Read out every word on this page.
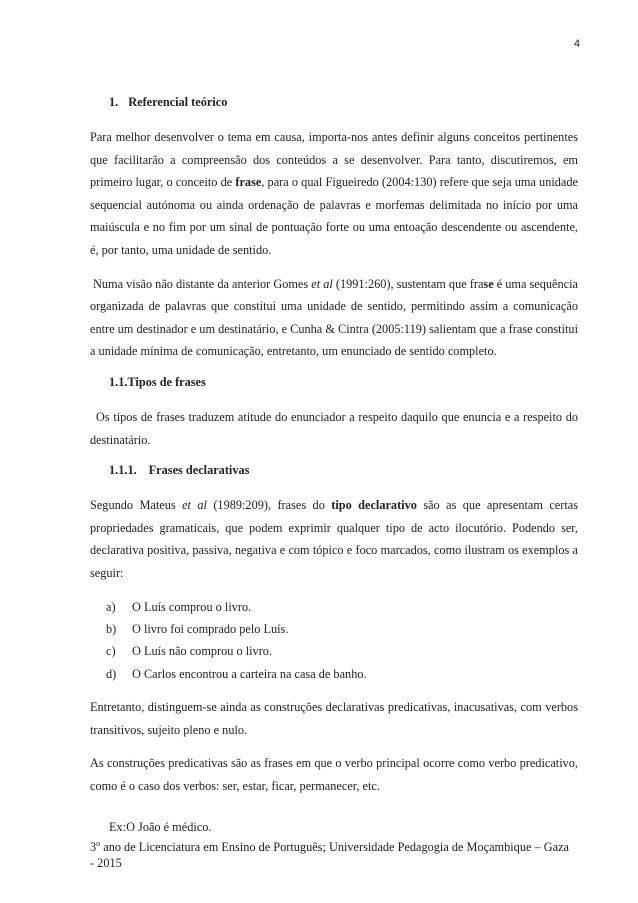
4
1. Referencial teórico

Para melhor desenvolver o tema em causa, importa-nos antes definir alguns conceitos pertinentes que facilitarão a compreensão dos conteúdos a se desenvolver. Para tanto, discutiremos, em primeiro lugar, o conceito de frase, para o qual Figueiredo (2004:130) refere que seja uma unidade sequencial autónoma ou ainda ordenação de palavras e morfemas delimitada no início por uma maiúscula e no fim por um sinal de pontuação forte ou uma entoação descendente ou ascendente, é, por tanto, uma unidade de sentido.

Numa visão não distante da anterior Gomes et al (1991:260), sustentam que frase é uma sequência organizada de palavras que constitui uma unidade de sentido, permitindo assim a comunicação entre um destinador e um destinatário, e Cunha & Cintra (2005:119) salientam que a frase constitui a unidade mínima de comunicação, entretanto, um enunciado de sentido completo.

1.1.Tipos de frases

Os tipos de frases traduzem atitude do enunciador a respeito daquilo que enuncia e a respeito do destinatário.

1.1.1. Frases declarativas

Segundo Mateus et al (1989:209), frases do tipo declarativo são as que apresentam certas propriedades gramaticais, que podem exprimir qualquer tipo de acto ilocutório. Podendo ser, declarativa positiva, passiva, negativa e com tópico e foco marcados, como ilustram os exemplos a seguir:

a) O Luís comprou o livro.
b) O livro foi comprado pelo Luís.
c) O Luís não comprou o livro.
d) O Carlos encontrou a carteira na casa de banho.

Entretanto, distinguem-se ainda as construções declarativas predicativas, inacusativas, com verbos transitivos, sujeito pleno e nulo.

As construções predicativas são as frases em que o verbo principal ocorre como verbo predicativo, como é o caso dos verbos: ser, estar, ficar, permanecer, etc.

Ex:O João é médico.
3$^o$ ano de Licenciatura em Ensino de Português; Universidade Pedagogia de Moçambique – Gaza - 2015
